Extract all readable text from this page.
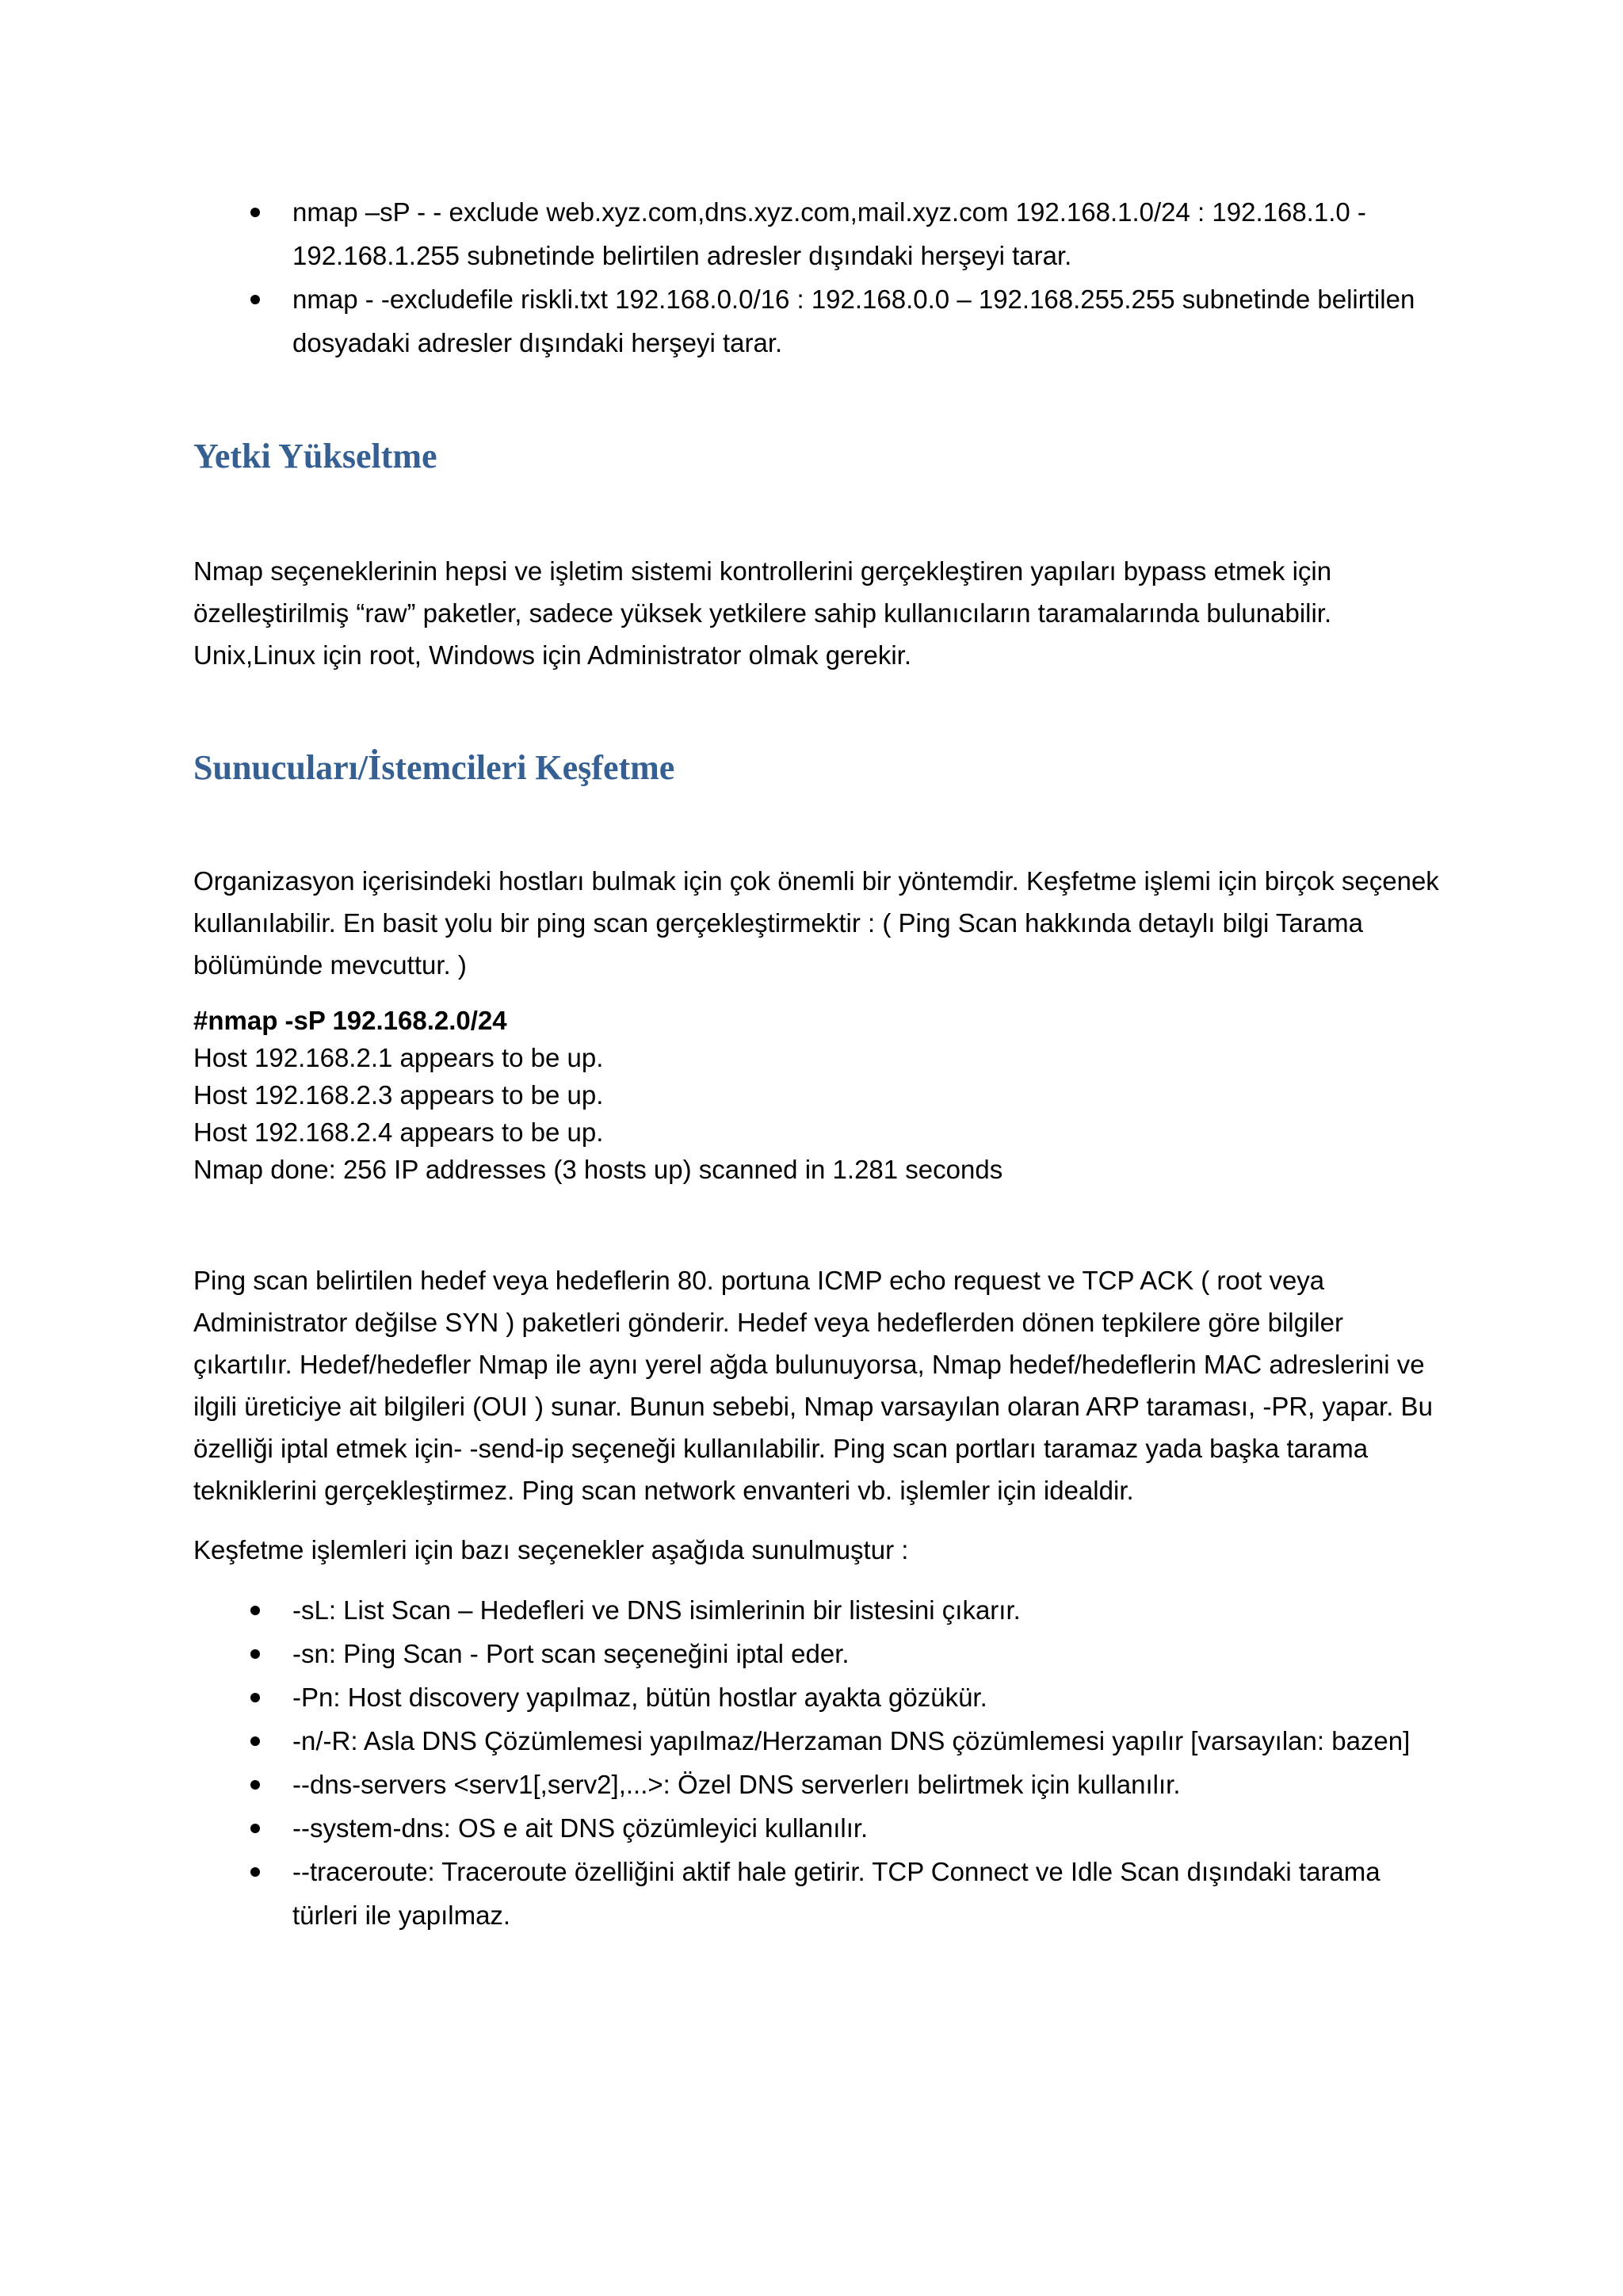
nmap –sP - - exclude web.xyz.com,dns.xyz.com,mail.xyz.com 192.168.1.0/24 : 192.168.1.0 - 192.168.1.255 subnetinde belirtilen adresler dışındaki herşeyi tarar.
nmap - -excludefile riskli.txt 192.168.0.0/16 : 192.168.0.0 – 192.168.255.255 subnetinde belirtilen dosyadaki adresler dışındaki herşeyi tarar.
Yetki Yükseltme

Nmap seçeneklerinin hepsi ve işletim sistemi kontrollerini gerçekleştiren yapıları bypass etmek için özelleştirilmiş “raw” paketler, sadece yüksek yetkilere sahip kullanıcıların taramalarında bulunabilir. Unix,Linux için root, Windows için Administrator olmak gerekir.

Sunucuları/İstemcileri Keşfetme

Organizasyon içerisindeki hostları bulmak için çok önemli bir yöntemdir. Keşfetme işlemi için birçok seçenek kullanılabilir. En basit yolu bir ping scan gerçekleştirmektir : ( Ping Scan hakkında detaylı bilgi Tarama bölümünde mevcuttur. )

#nmap -sP 192.168.2.0/24
Host 192.168.2.1 appears to be up.
Host 192.168.2.3 appears to be up.
Host 192.168.2.4 appears to be up.
Nmap done: 256 IP addresses (3 hosts up) scanned in 1.281 seconds

Ping scan belirtilen hedef veya hedeflerin 80. portuna ICMP echo request ve TCP ACK ( root veya Administrator değilse SYN ) paketleri gönderir. Hedef veya hedeflerden dönen tepkilere göre bilgiler çıkartılır. Hedef/hedefler Nmap ile aynı yerel ağda bulunuyorsa, Nmap hedef/hedeflerin MAC adreslerini ve ilgili üreticiye ait bilgileri (OUI ) sunar. Bunun sebebi, Nmap varsayılan olaran ARP taraması, -PR, yapar. Bu özelliği iptal etmek için- -send-ip seçeneği kullanılabilir. Ping scan portları taramaz yada başka tarama tekniklerini gerçekleştirmez. Ping scan network envanteri vb. işlemler için idealdir.

Keşfetme işlemleri için bazı seçenekler aşağıda sunulmuştur :

-sL: List Scan – Hedefleri ve DNS isimlerinin bir listesini çıkarır.
-sn: Ping Scan - Port scan seçeneğini iptal eder.
-Pn: Host discovery yapılmaz, bütün hostlar ayakta gözükür.
-n/-R: Asla DNS Çözümlemesi yapılmaz/Herzaman DNS çözümlemesi yapılır [varsayılan: bazen]
--dns-servers <serv1[,serv2],...>: Özel DNS serverlerı belirtmek için kullanılır.
--system-dns: OS e ait DNS çözümleyici kullanılır.
--traceroute: Traceroute özelliğini aktif hale getirir. TCP Connect ve Idle Scan dışındaki tarama türleri ile yapılmaz.
